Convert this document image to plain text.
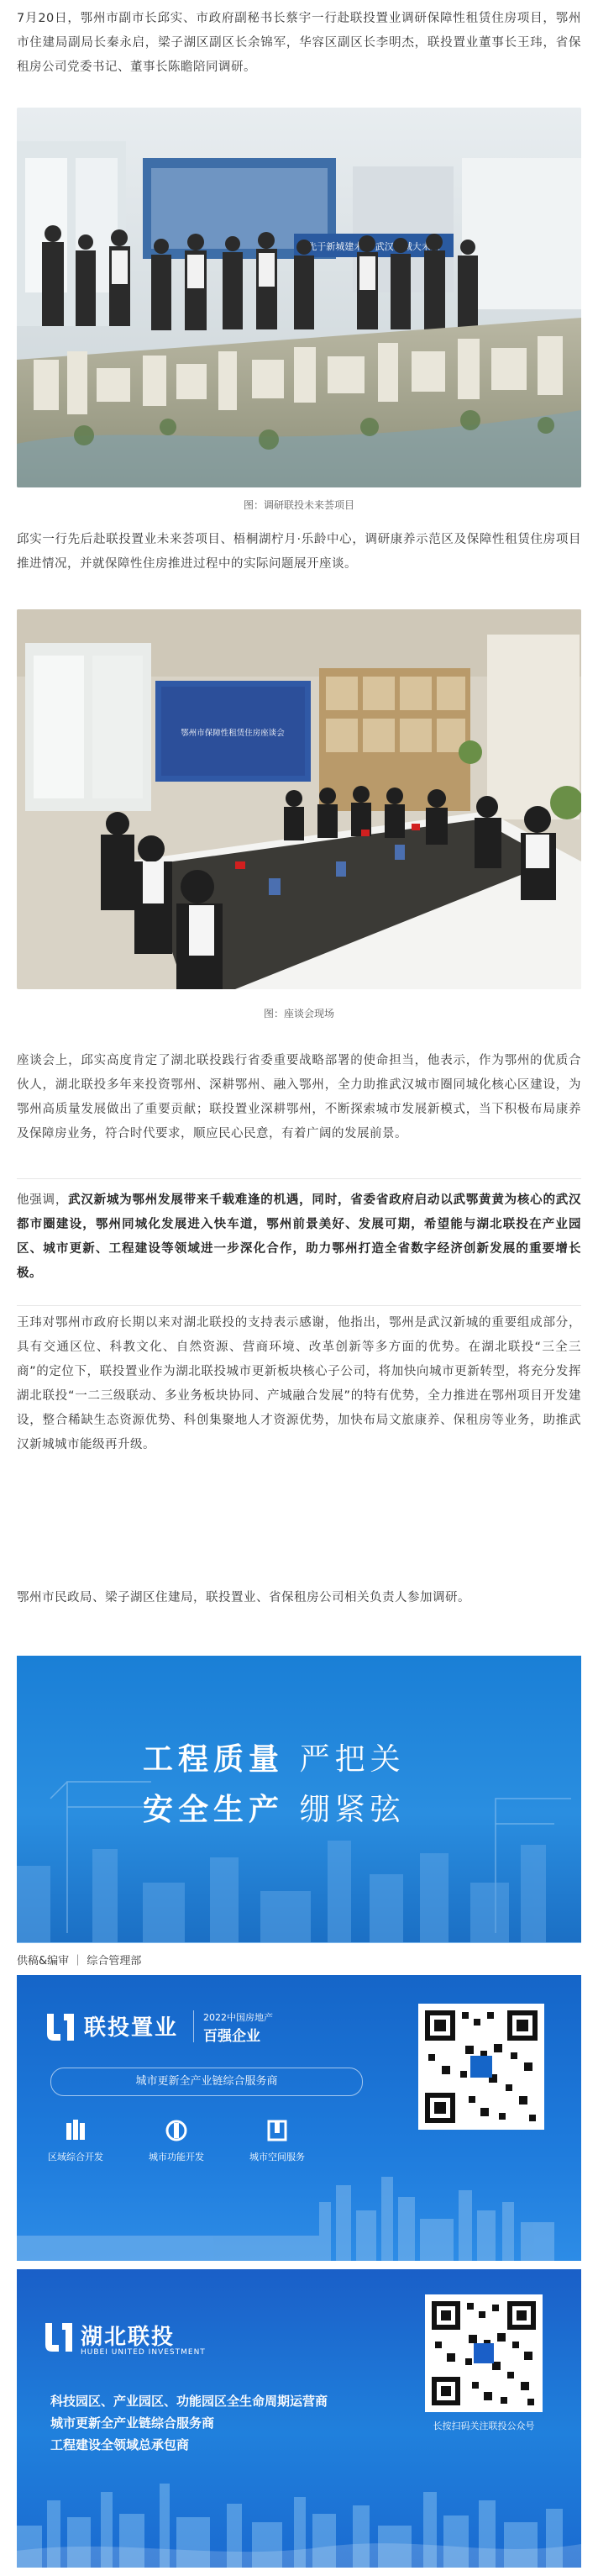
7月20日，鄂州市副市长邱实、市政府副秘书长蔡宇一行赴联投置业调研保障性租赁住房项目，鄂州市住建局副局长秦永启，梁子湖区副区长余锦军，华容区副区长李明杰，联投置业董事长王玮，省保租房公司党委书记、董事长陈瞻陪同调研。

先于新城建未来
图：调研联投未来荟项目

邱实一行先后赴联投置业未来荟项目、梧桐湖柠月·乐龄中心，调研康养示范区及保障性租赁住房项目推进情况，并就保障性住房推进过程中的实际问题展开座谈。

鄂州市保障性租赁住房座谈会
图：座谈会现场

座谈会上，邱实高度肯定了湖北联投践行省委重要战略部署的使命担当，他表示，作为鄂州的优质合伙人，湖北联投多年来投资鄂州、深耕鄂州、融入鄂州，全力助推武汉城市圈同城化核心区建设，为鄂州高质量发展做出了重要贡献；联投置业深耕鄂州，不断探索城市发展新模式，当下积极布局康养及保障房业务，符合时代要求，顺应民心民意，有着广阔的发展前景。

他强调，武汉新城为鄂州发展带来千载难逢的机遇，同时，省委省政府启动以武鄂黄黄为核心的武汉都市圈建设，鄂州同城化发展进入快车道，鄂州前景美好、发展可期，希望能与湖北联投在产业园区、城市更新、工程建设等领域进一步深化合作，助力鄂州打造全省数字经济创新发展的重要增长极。

王玮对鄂州市政府长期以来对湖北联投的支持表示感谢，他指出，鄂州是武汉新城的重要组成部分，具有交通区位、科教文化、自然资源、营商环境、改革创新等多方面的优势。在湖北联投“三全三商”的定位下，联投置业作为湖北联投城市更新板块核心子公司，将加快向城市更新转型，将充分发挥湖北联投“一二三级联动、多业务板块协同、产城融合发展”的特有优势，全力推进在鄂州项目开发建设，整合稀缺生态资源优势、科创集聚地人才资源优势，加快布局文旅康养、保租房等业务，助推武汉新城城市能级再升级。

鄂州市民政局、梁子湖区住建局，联投置业、省保租房公司相关负责人参加调研。

工程质量 严把关
安全生产 绷紧弦
供稿&编审 ｜ 综合管理部
联投置业	2022中国房地产
百强企业
城市更新全产业链综合服务商
区域综合开发	城市功能开发	城市空间服务
湖北联投
HUBEI UNITED INVESTMENT
科技园区、产业园区、功能园区全生命周期运营商
城市更新全产业链综合服务商
工程建设全领域总承包商
长按扫码关注联投公众号
